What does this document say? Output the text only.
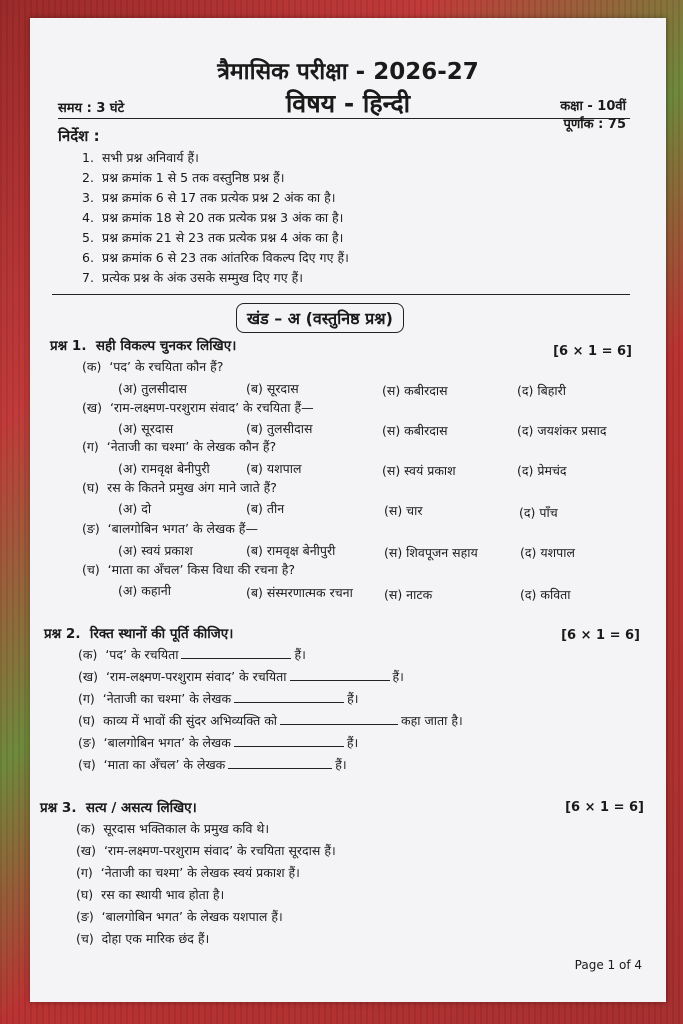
त्रैमासिक परीक्षा - 2026-27
विषय - हिन्दी
समय : 3 घंटे	कक्षा - 10वीं
पूर्णांक : 75
निर्देश :
1. सभी प्रश्न अनिवार्य हैं।
2. प्रश्न क्रमांक 1 से 5 तक वस्तुनिष्ठ प्रश्न हैं।
3. प्रश्न क्रमांक 6 से 17 तक प्रत्येक प्रश्न 2 अंक का है।
4. प्रश्न क्रमांक 18 से 20 तक प्रत्येक प्रश्न 3 अंक का है।
5. प्रश्न क्रमांक 21 से 23 तक प्रत्येक प्रश्न 4 अंक का है।
6. प्रश्न क्रमांक 6 से 23 तक आंतरिक विकल्प दिए गए हैं।
7. प्रत्येक प्रश्न के अंक उसके सम्मुख दिए गए हैं।
खंड – अ (वस्तुनिष्ठ प्रश्न)
प्रश्न 1. सही विकल्प चुनकर लिखिए।	[6 × 1 = 6]
(क) ‘पद’ के रचयिता कौन हैं?
(अ) तुलसीदास	(ब) सूरदास	(स) कबीरदास	(द) बिहारी
(ख) ‘राम-लक्ष्मण-परशुराम संवाद’ के रचयिता हैं—
(अ) सूरदास	(ब) तुलसीदास	(स) कबीरदास	(द) जयशंकर प्रसाद
(ग) ‘नेताजी का चश्मा’ के लेखक कौन हैं?
(अ) रामवृक्ष बेनीपुरी	(ब) यशपाल	(स) स्वयं प्रकाश	(द) प्रेमचंद
(घ) रस के कितने प्रमुख अंग माने जाते हैं?
(अ) दो	(ब) तीन	(स) चार	(द) पाँच
(ङ) ‘बालगोबिन भगत’ के लेखक हैं—
(अ) स्वयं प्रकाश	(ब) रामवृक्ष बेनीपुरी	(स) शिवपूजन सहाय	(द) यशपाल
(च) ‘माता का अँचल’ किस विधा की रचना है?
(अ) कहानी	(ब) संस्मरणात्मक रचना (स) नाटक	(द) कविता
प्रश्न 2. रिक्त स्थानों की पूर्ति कीजिए।	[6 × 1 = 6]
(क) ‘पद’ के रचयिता	हैं।
(ख) ‘राम-लक्ष्मण-परशुराम संवाद’ के रचयिता	हैं।
(ग) ‘नेताजी का चश्मा’ के लेखक	हैं।
(घ) काव्य में भावों की सुंदर अभिव्यक्ति को	कहा जाता है।
(ङ) ‘बालगोबिन भगत’ के लेखक	हैं।
(च) ‘माता का अँचल’ के लेखक	हैं।
प्रश्न 3. सत्य / असत्य लिखिए।	[6 × 1 = 6]
(क) सूरदास भक्तिकाल के प्रमुख कवि थे।
(ख) ‘राम-लक्ष्मण-परशुराम संवाद’ के रचयिता सूरदास हैं।
(ग) ‘नेताजी का चश्मा’ के लेखक स्वयं प्रकाश हैं।
(घ) रस का स्थायी भाव होता है।
(ङ) ‘बालगोबिन भगत’ के लेखक यशपाल हैं।
(च) दोहा एक मारिक छंद हैं।
Page 1 of 4
